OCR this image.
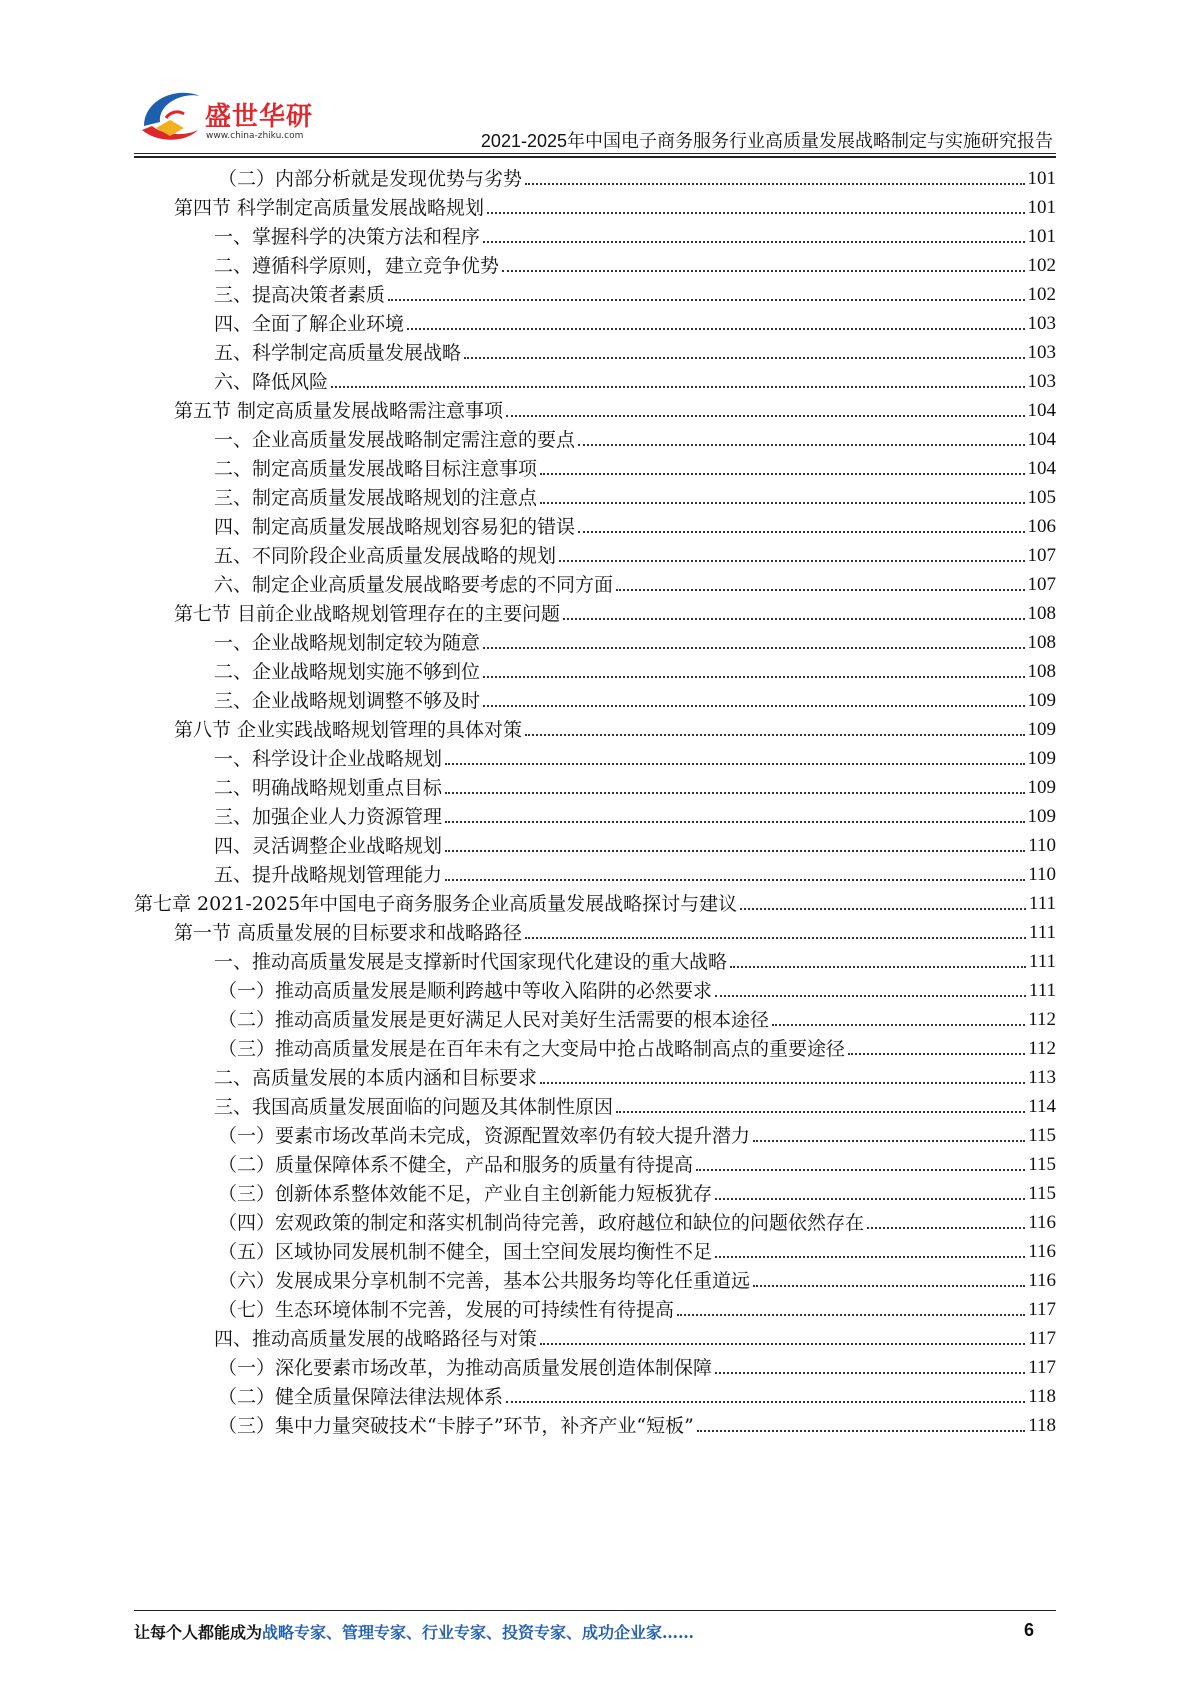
盛世华研
www.china-zhiku.com	2021-2025年中国电子商务服务行业高质量发展战略制定与实施研究报告
（二）内部分析就是发现优势与劣势	101
第四节 科学制定高质量发展战略规划	101
一、掌握科学的决策方法和程序	101
二、遵循科学原则，建立竞争优势	102
三、提高决策者素质	102
四、全面了解企业环境	103
五、科学制定高质量发展战略	103
六、降低风险	103
第五节 制定高质量发展战略需注意事项	104
一、企业高质量发展战略制定需注意的要点	104
二、制定高质量发展战略目标注意事项	104
三、制定高质量发展战略规划的注意点	105
四、制定高质量发展战略规划容易犯的错误	106
五、不同阶段企业高质量发展战略的规划	107
六、制定企业高质量发展战略要考虑的不同方面	107
第七节 目前企业战略规划管理存在的主要问题	108
一、企业战略规划制定较为随意	108
二、企业战略规划实施不够到位	108
三、企业战略规划调整不够及时	109
第八节 企业实践战略规划管理的具体对策	109
一、科学设计企业战略规划	109
二、明确战略规划重点目标	109
三、加强企业人力资源管理	109
四、灵活调整企业战略规划	110
五、提升战略规划管理能力	110
第七章 2021-2025年中国电子商务服务企业高质量发展战略探讨与建议	111
第一节 高质量发展的目标要求和战略路径	111
一、推动高质量发展是支撑新时代国家现代化建设的重大战略	111
（一）推动高质量发展是顺利跨越中等收入陷阱的必然要求	111
（二）推动高质量发展是更好满足人民对美好生活需要的根本途径	112
（三）推动高质量发展是在百年未有之大变局中抢占战略制高点的重要途径	112
二、高质量发展的本质内涵和目标要求	113
三、我国高质量发展面临的问题及其体制性原因	114
（一）要素市场改革尚未完成，资源配置效率仍有较大提升潜力	115
（二）质量保障体系不健全，产品和服务的质量有待提高	115
（三）创新体系整体效能不足，产业自主创新能力短板犹存	115
（四）宏观政策的制定和落实机制尚待完善，政府越位和缺位的问题依然存在	116
（五）区域协同发展机制不健全，国土空间发展均衡性不足	116
（六）发展成果分享机制不完善，基本公共服务均等化任重道远	116
（七）生态环境体制不完善，发展的可持续性有待提高	117
四、推动高质量发展的战略路径与对策	117
（一）深化要素市场改革，为推动高质量发展创造体制保障	117
（二）健全质量保障法律法规体系	118
（三）集中力量突破技术“卡脖子”环节，补齐产业“短板”	118
让每个人都能成为战略专家、管理专家、行业专家、投资专家、成功企业家……	6
